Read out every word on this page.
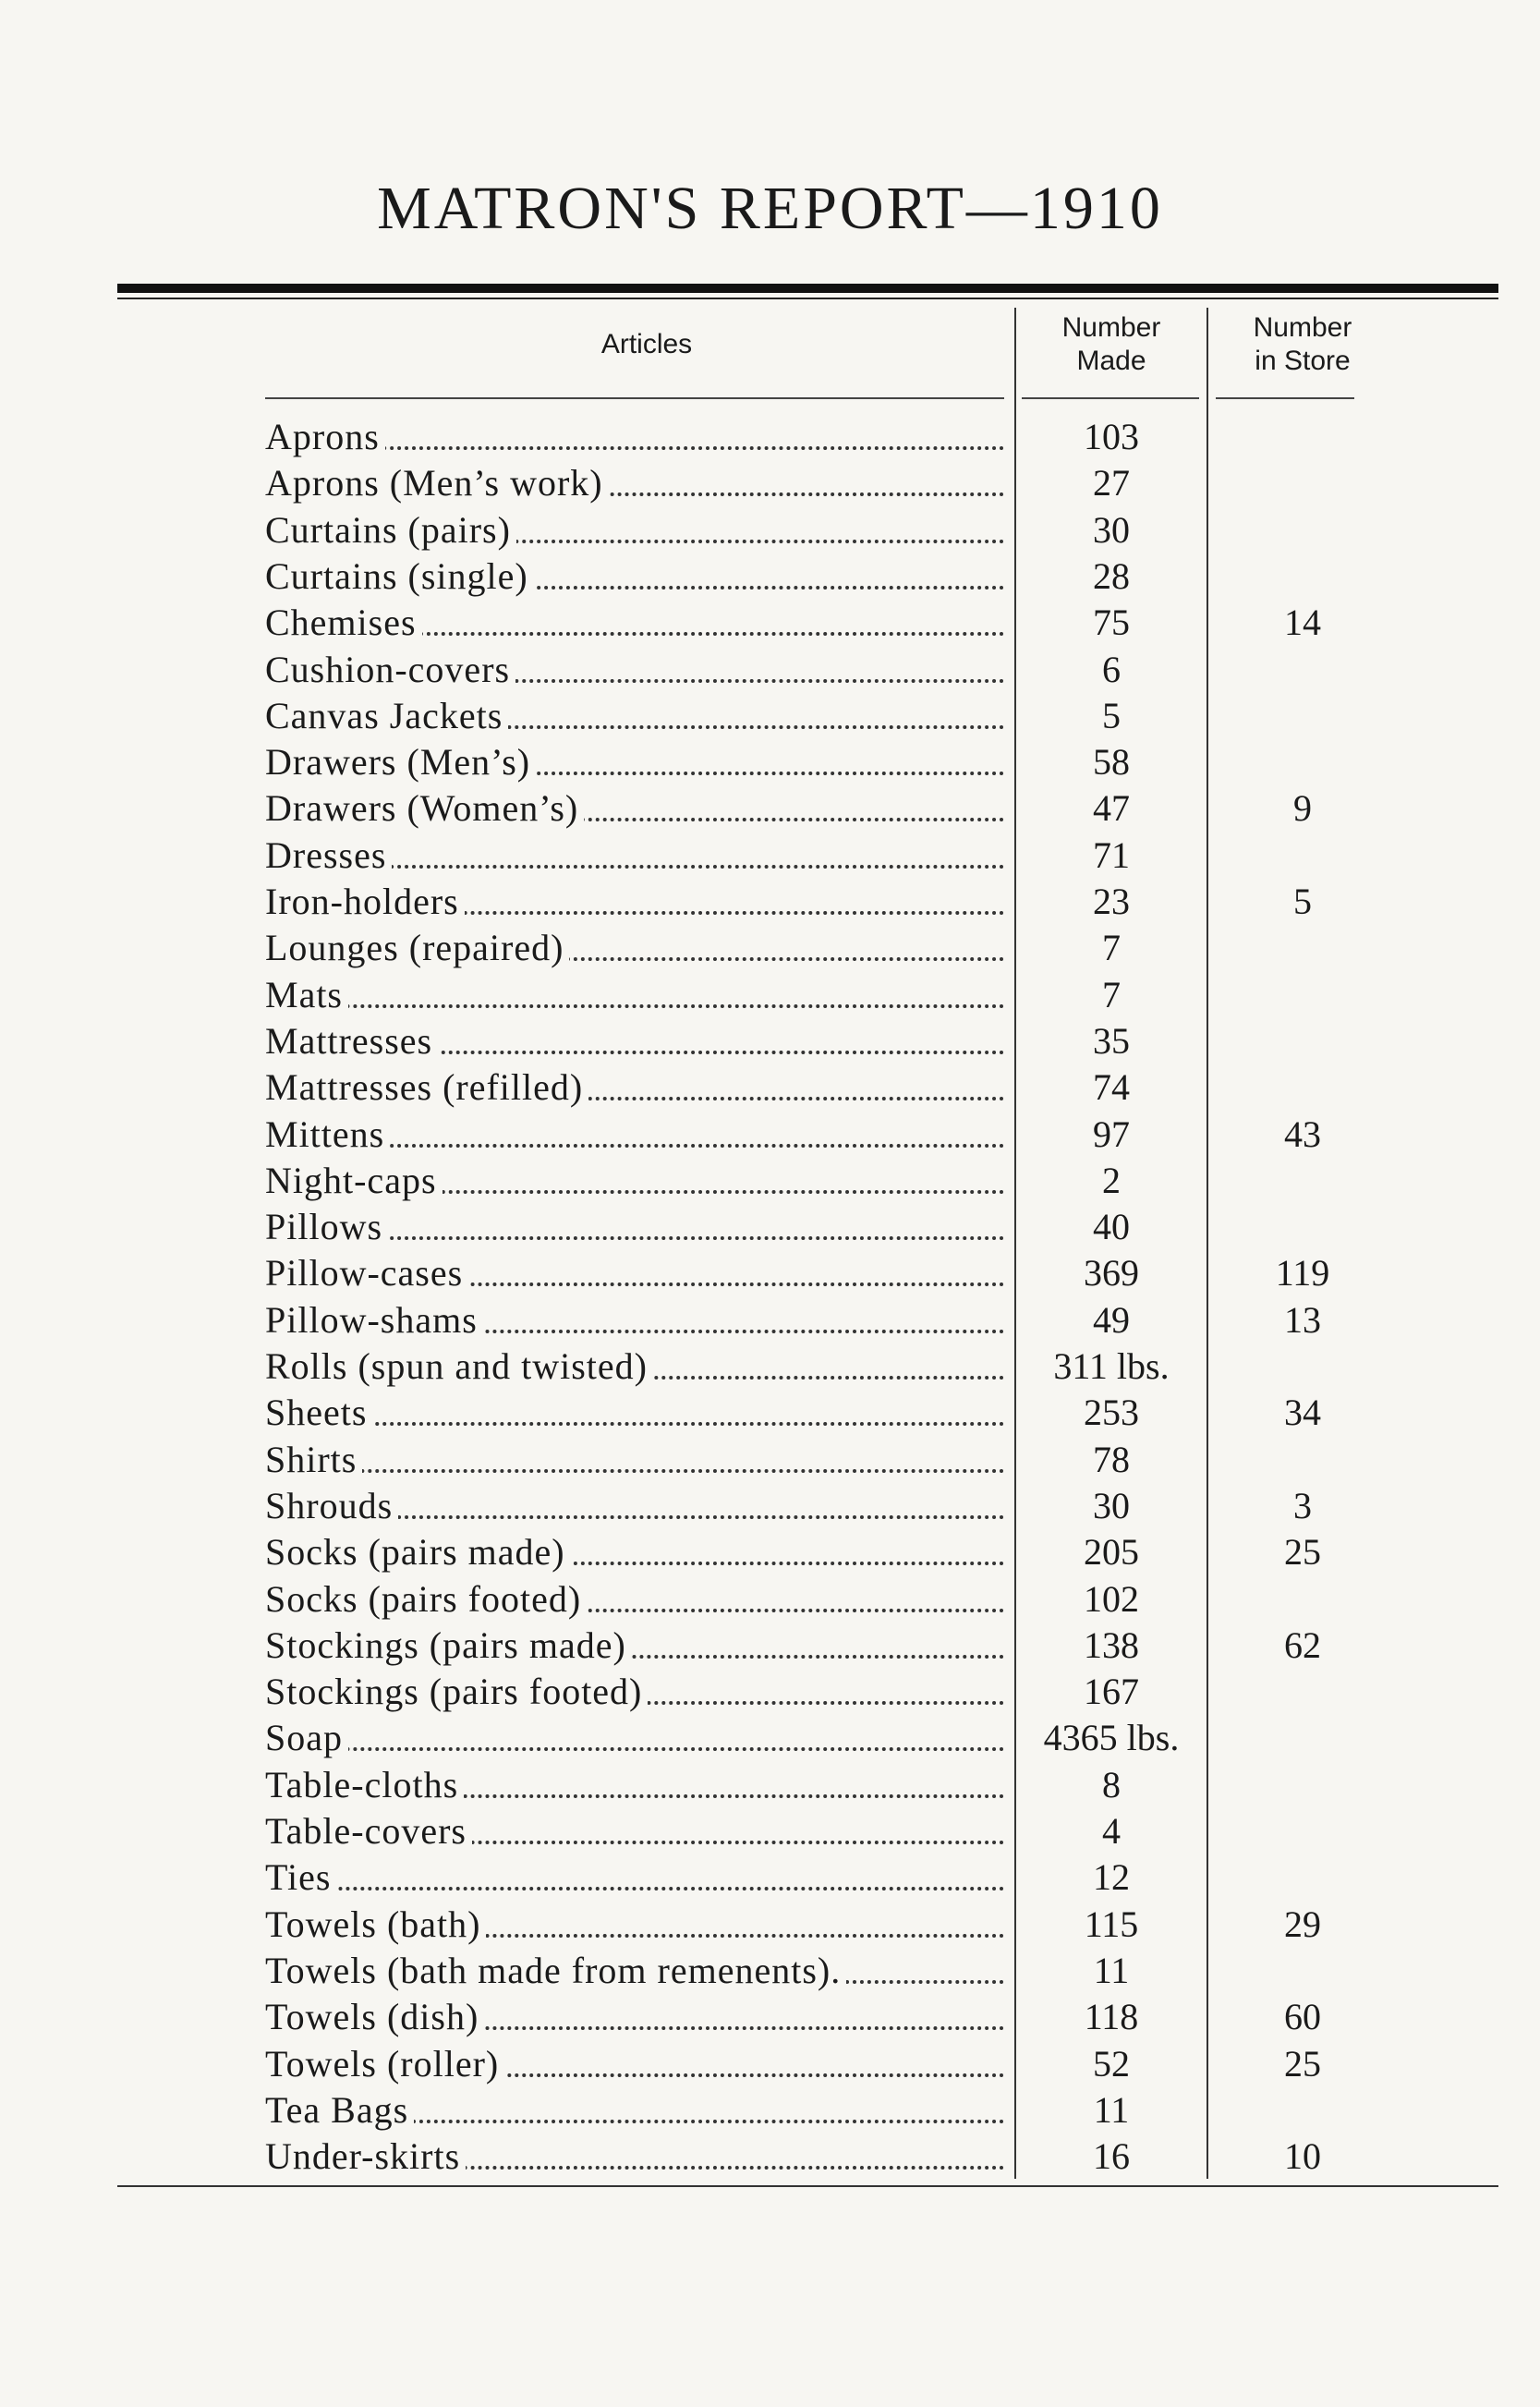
MATRON'S REPORT—1910
Articles
Number
Made
Number
in Store
Aprons	103
Aprons (Men’s work)	27
Curtains (pairs)	30
Curtains (single)	28
Chemises	75	14
Cushion-covers	6
Canvas Jackets	5
Drawers (Men’s)	58
Drawers (Women’s)	47	9
Dresses	71
Iron-holders	23	5
Lounges (repaired)	7
Mats	7
Mattresses	35
Mattresses (refilled)	74
Mittens	97	43
Night-caps	2
Pillows	40
Pillow-cases	369	119
Pillow-shams	49	13
Rolls (spun and twisted)	311 lbs.
Sheets	253	34
Shirts	78
Shrouds	30	3
Socks (pairs made)	205	25
Socks (pairs footed)	102
Stockings (pairs made)	138	62
Stockings (pairs footed)	167
Soap	4365 lbs.
Table-cloths	8
Table-covers	4
Ties	12
Towels (bath)	115	29
Towels (bath made from remenents).	11
Towels (dish)	118	60
Towels (roller)	52	25
Tea Bags	11
Under-skirts	16	10
